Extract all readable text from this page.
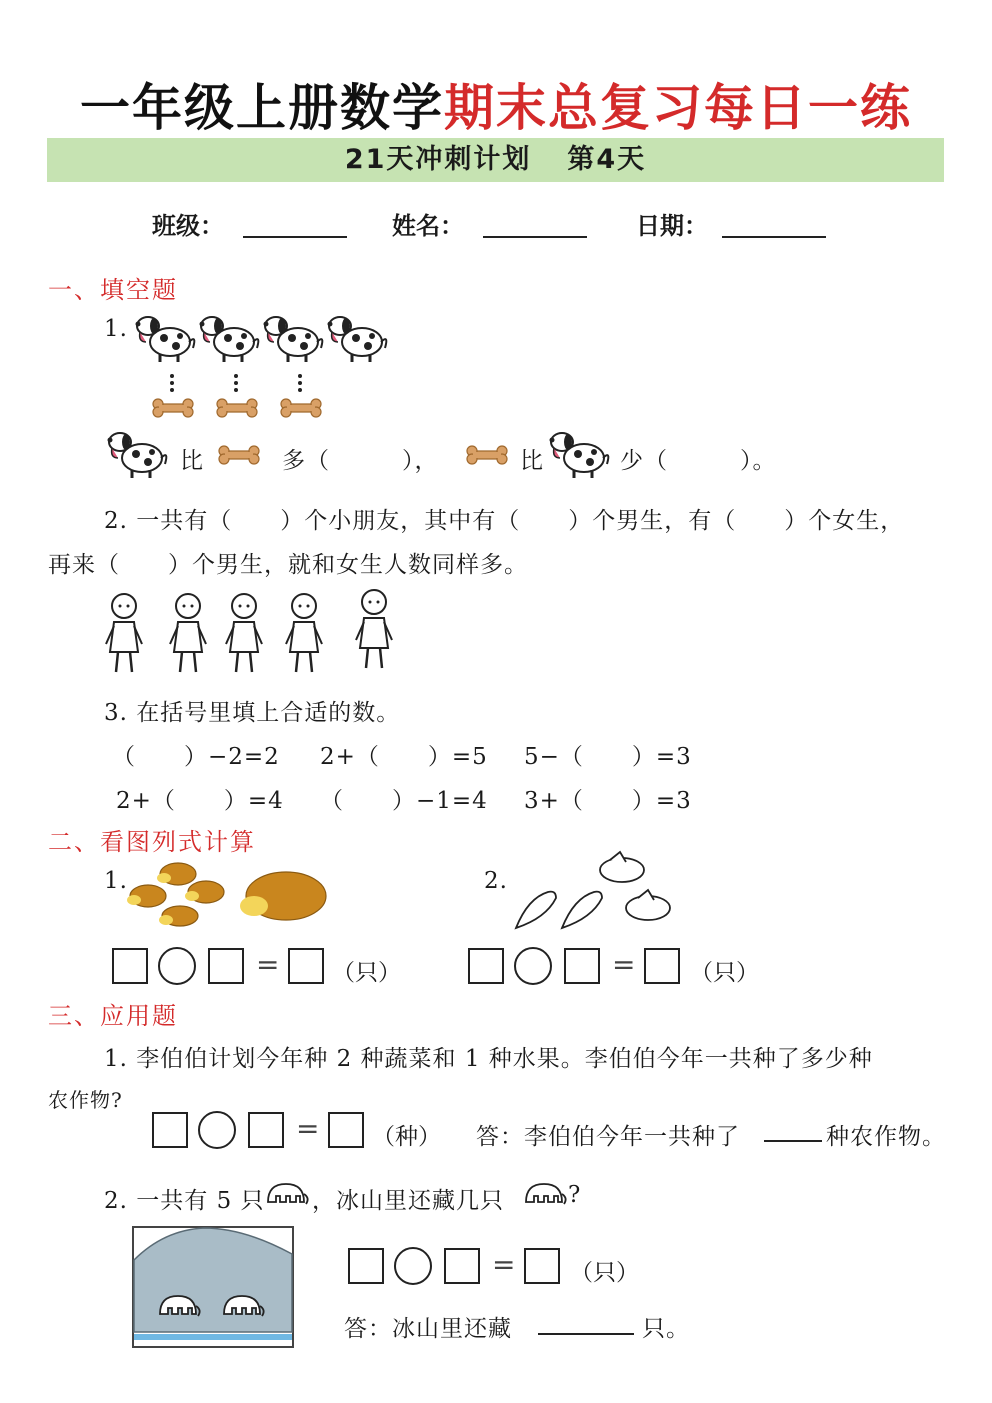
一年级上册数学期末总复习每日一练
21天冲刺计划 第4天
班级：	姓名：	日期：
一、填空题
1.
比	多（　　　），	比	少（　　　）。
2. 一共有（　　）个小朋友，其中有（　　）个男生，有（　　）个女生，
再来（　　）个男生，就和女生人数同样多。
3. 在括号里填上合适的数。
（　　）−2=2 2+（　　）=5 5−（　　）=3
2+（　　）=4 （　　）−1=4 3+（　　）=3
二、看图列式计算
1.
= （只）
2.
= （只）
三、应用题
1. 李伯伯计划今年种 2 种蔬菜和 1 种水果。李伯伯今年一共种了多少种
农作物?
= （种） 答：李伯伯今年一共种了	种农作物。
2. 一共有 5 只 ，冰山里还藏几只	?
= （只）
答：冰山里还藏	只。
